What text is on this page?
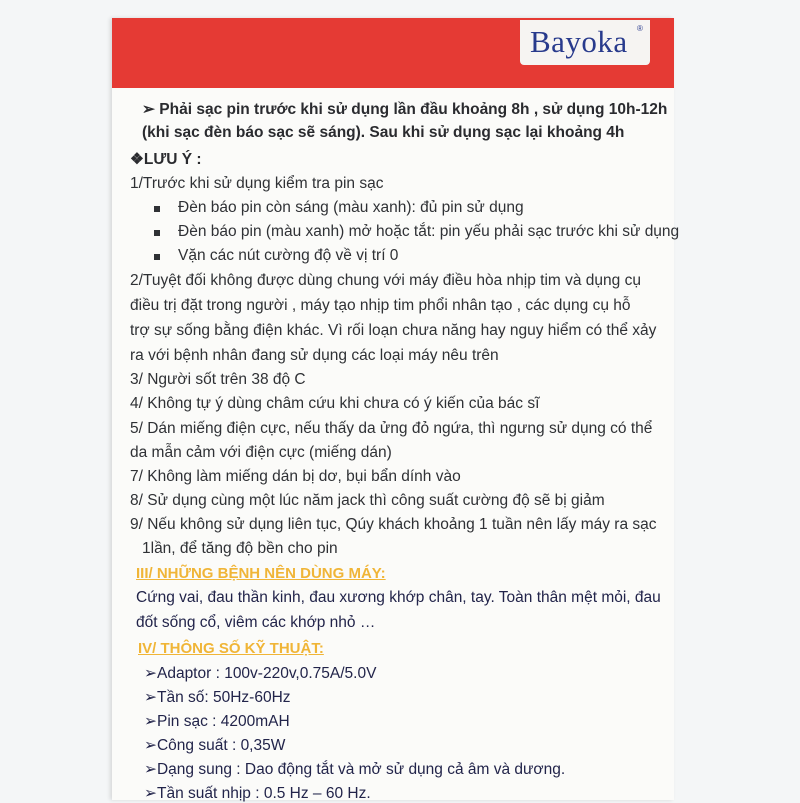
Bayoka ®
➢ Phải sạc pin trước khi sử dụng lần đầu khoảng 8h , sử dụng 10h-12h
(khi sạc đèn báo sạc sẽ sáng). Sau khi sử dụng sạc lại khoảng 4h
❖LƯU Ý :
1/Trước khi sử dụng kiểm tra pin sạc
Đèn báo pin còn sáng (màu xanh): đủ pin sử dụng
Đèn báo pin (màu xanh) mở hoặc tắt: pin yếu phải sạc trước khi sử dụng
Vặn các nút cường độ về vị trí 0
2/Tuyệt đối không được dùng chung với máy điều hòa nhịp tim và dụng cụ
điều trị đặt trong người , máy tạo nhịp tim phổi nhân tạo , các dụng cụ hỗ
trợ sự sống bằng điện khác. Vì rối loạn chưa năng hay nguy hiểm có thể xảy
ra với bệnh nhân đang sử dụng các loại máy nêu trên
3/ Người sốt trên 38 độ C
4/ Không tự ý dùng châm cứu khi chưa có ý kiến của bác sĩ
5/ Dán miếng điện cực, nếu thấy da ửng đỏ ngứa, thì ngưng sử dụng có thể
da mẫn cảm với điện cực (miếng dán)
7/ Không làm miếng dán bị dơ, bụi bẩn dính vào
8/ Sử dụng cùng một lúc năm jack thì công suất cường độ sẽ bị giảm
9/ Nếu không sử dụng liên tục, Qúy khách khoảng 1 tuần nên lấy máy ra sạc
1lần, để tăng độ bền cho pin
III/ NHỮNG BỆNH NÊN DÙNG MÁY:
Cứng vai, đau thần kinh, đau xương khớp chân, tay. Toàn thân mệt mỏi, đau
đốt sống cổ, viêm các khớp nhỏ …
IV/ THÔNG SỐ KỸ THUẬT:
➢Adaptor : 100v-220v,0.75A/5.0V
➢Tần số: 50Hz-60Hz
➢Pin sạc : 4200mAH
➢Công suất : 0,35W
➢Dạng sung : Dao động tắt và mở sử dụng cả âm và dương.
➢Tần suất nhịp : 0.5 Hz – 60 Hz.
